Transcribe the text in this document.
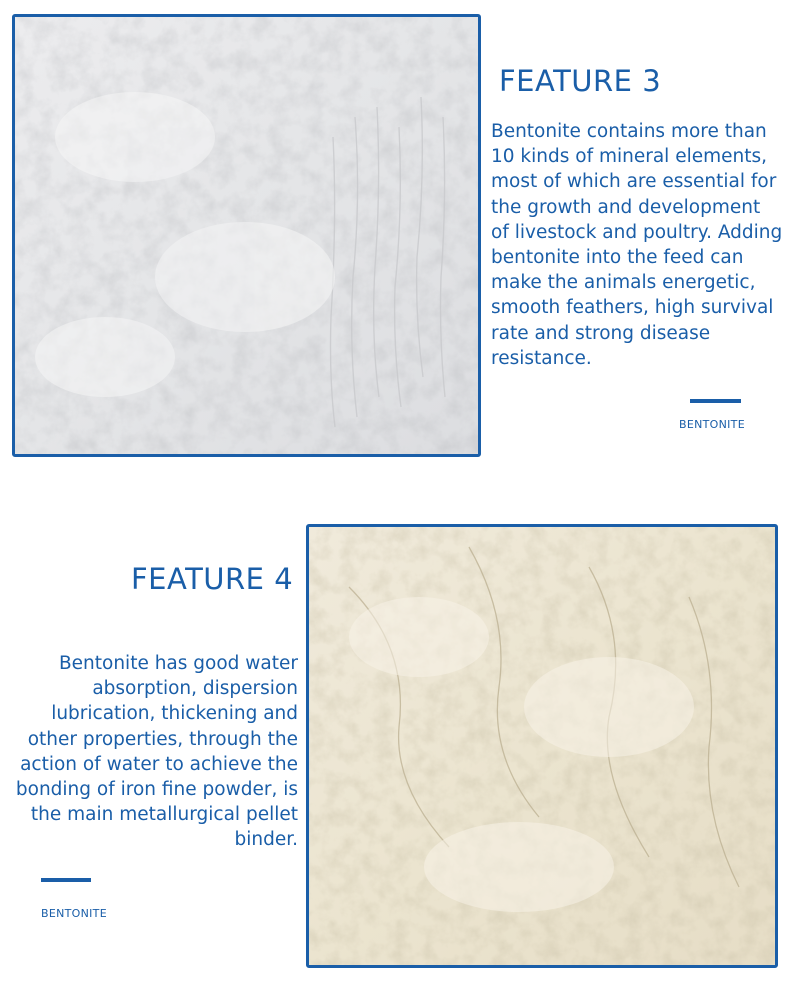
FEATURE 3

Bentonite contains more than 10 kinds of mineral elements, most of which are essential for the growth and development of livestock and poultry. Adding bentonite into the feed can make the animals energetic, smooth feathers, high survival rate and strong disease resistance.

BENTONITE
FEATURE 4

Bentonite has good water absorption, dispersion lubrication, thickening and other properties, through the action of water to achieve the bonding of iron fine powder, is the main metallurgical pellet binder.

BENTONITE
